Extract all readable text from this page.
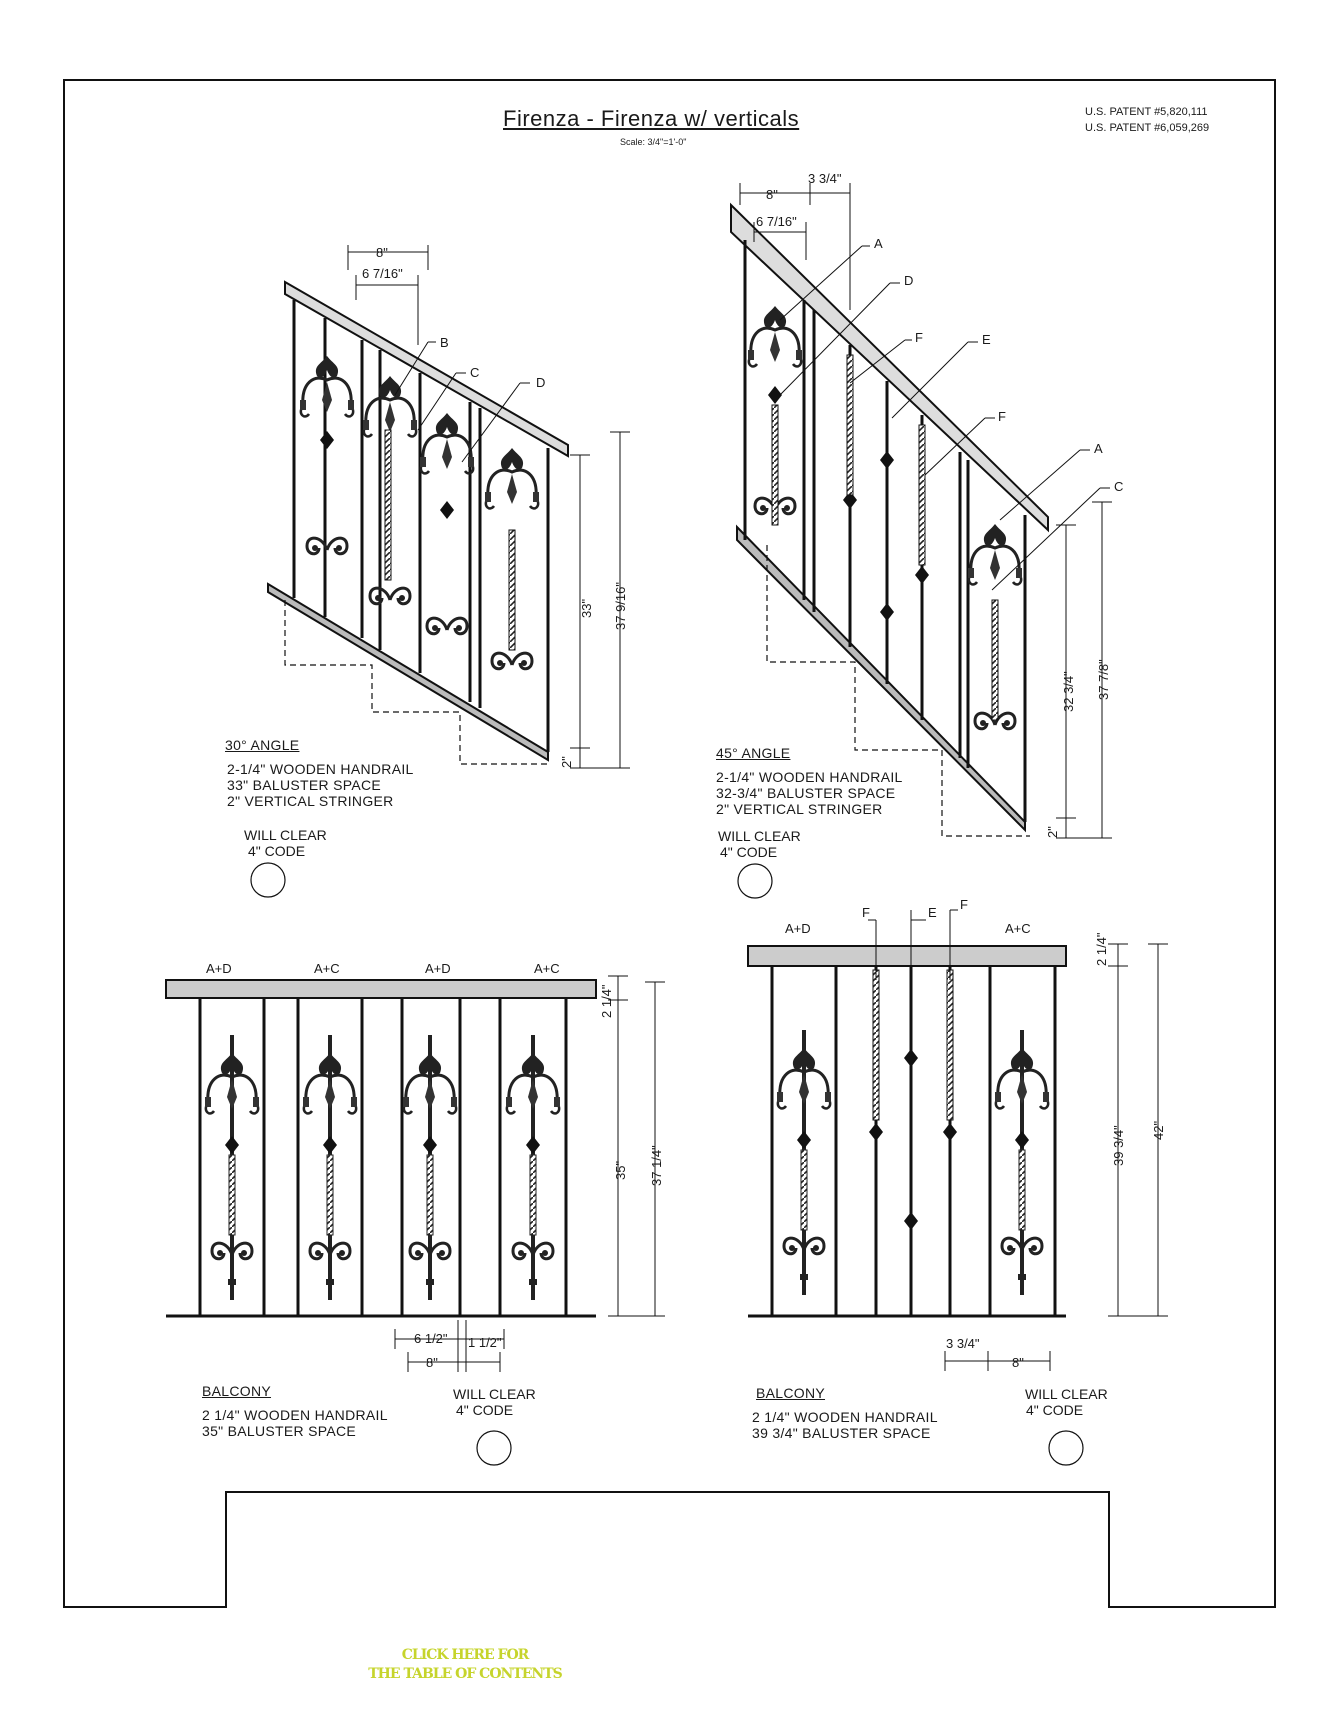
Firenza - Firenza w/ verticals
Scale: 3/4"=1'-0"
U.S. PATENT #5,820,111
U.S. PATENT #6,059,269
8"
6 7/16"
B
C
D
33" 37 9/16"
2"
30° ANGLE
2-1/4" WOODEN HANDRAIL
33" BALUSTER SPACE
2" VERTICAL STRINGER
WILL CLEAR
4" CODE
3 3/4"
8"
6 7/16"
A
D
F	E
F
A
C
32 3/4" 37 7/8"
2"
45° ANGLE
2-1/4" WOODEN HANDRAIL
32-3/4" BALUSTER SPACE
2" VERTICAL STRINGER
WILL CLEAR
4" CODE
A+D	A+C	A+D	A+C
2 1/4"
35" 37 1/4"
6 1/2" 1 1/2"
8"
BALCONY
2 1/4" WOODEN HANDRAIL
35" BALUSTER SPACE
WILL CLEAR
4" CODE
A+D	A+C
F	E
F
2 1/4"
39 3/4" 42"
3 3/4"
8"
BALCONY
2 1/4" WOODEN HANDRAIL
39 3/4" BALUSTER SPACE
WILL CLEAR
4" CODE
CLICK HERE FOR
THE TABLE OF CONTENTS
